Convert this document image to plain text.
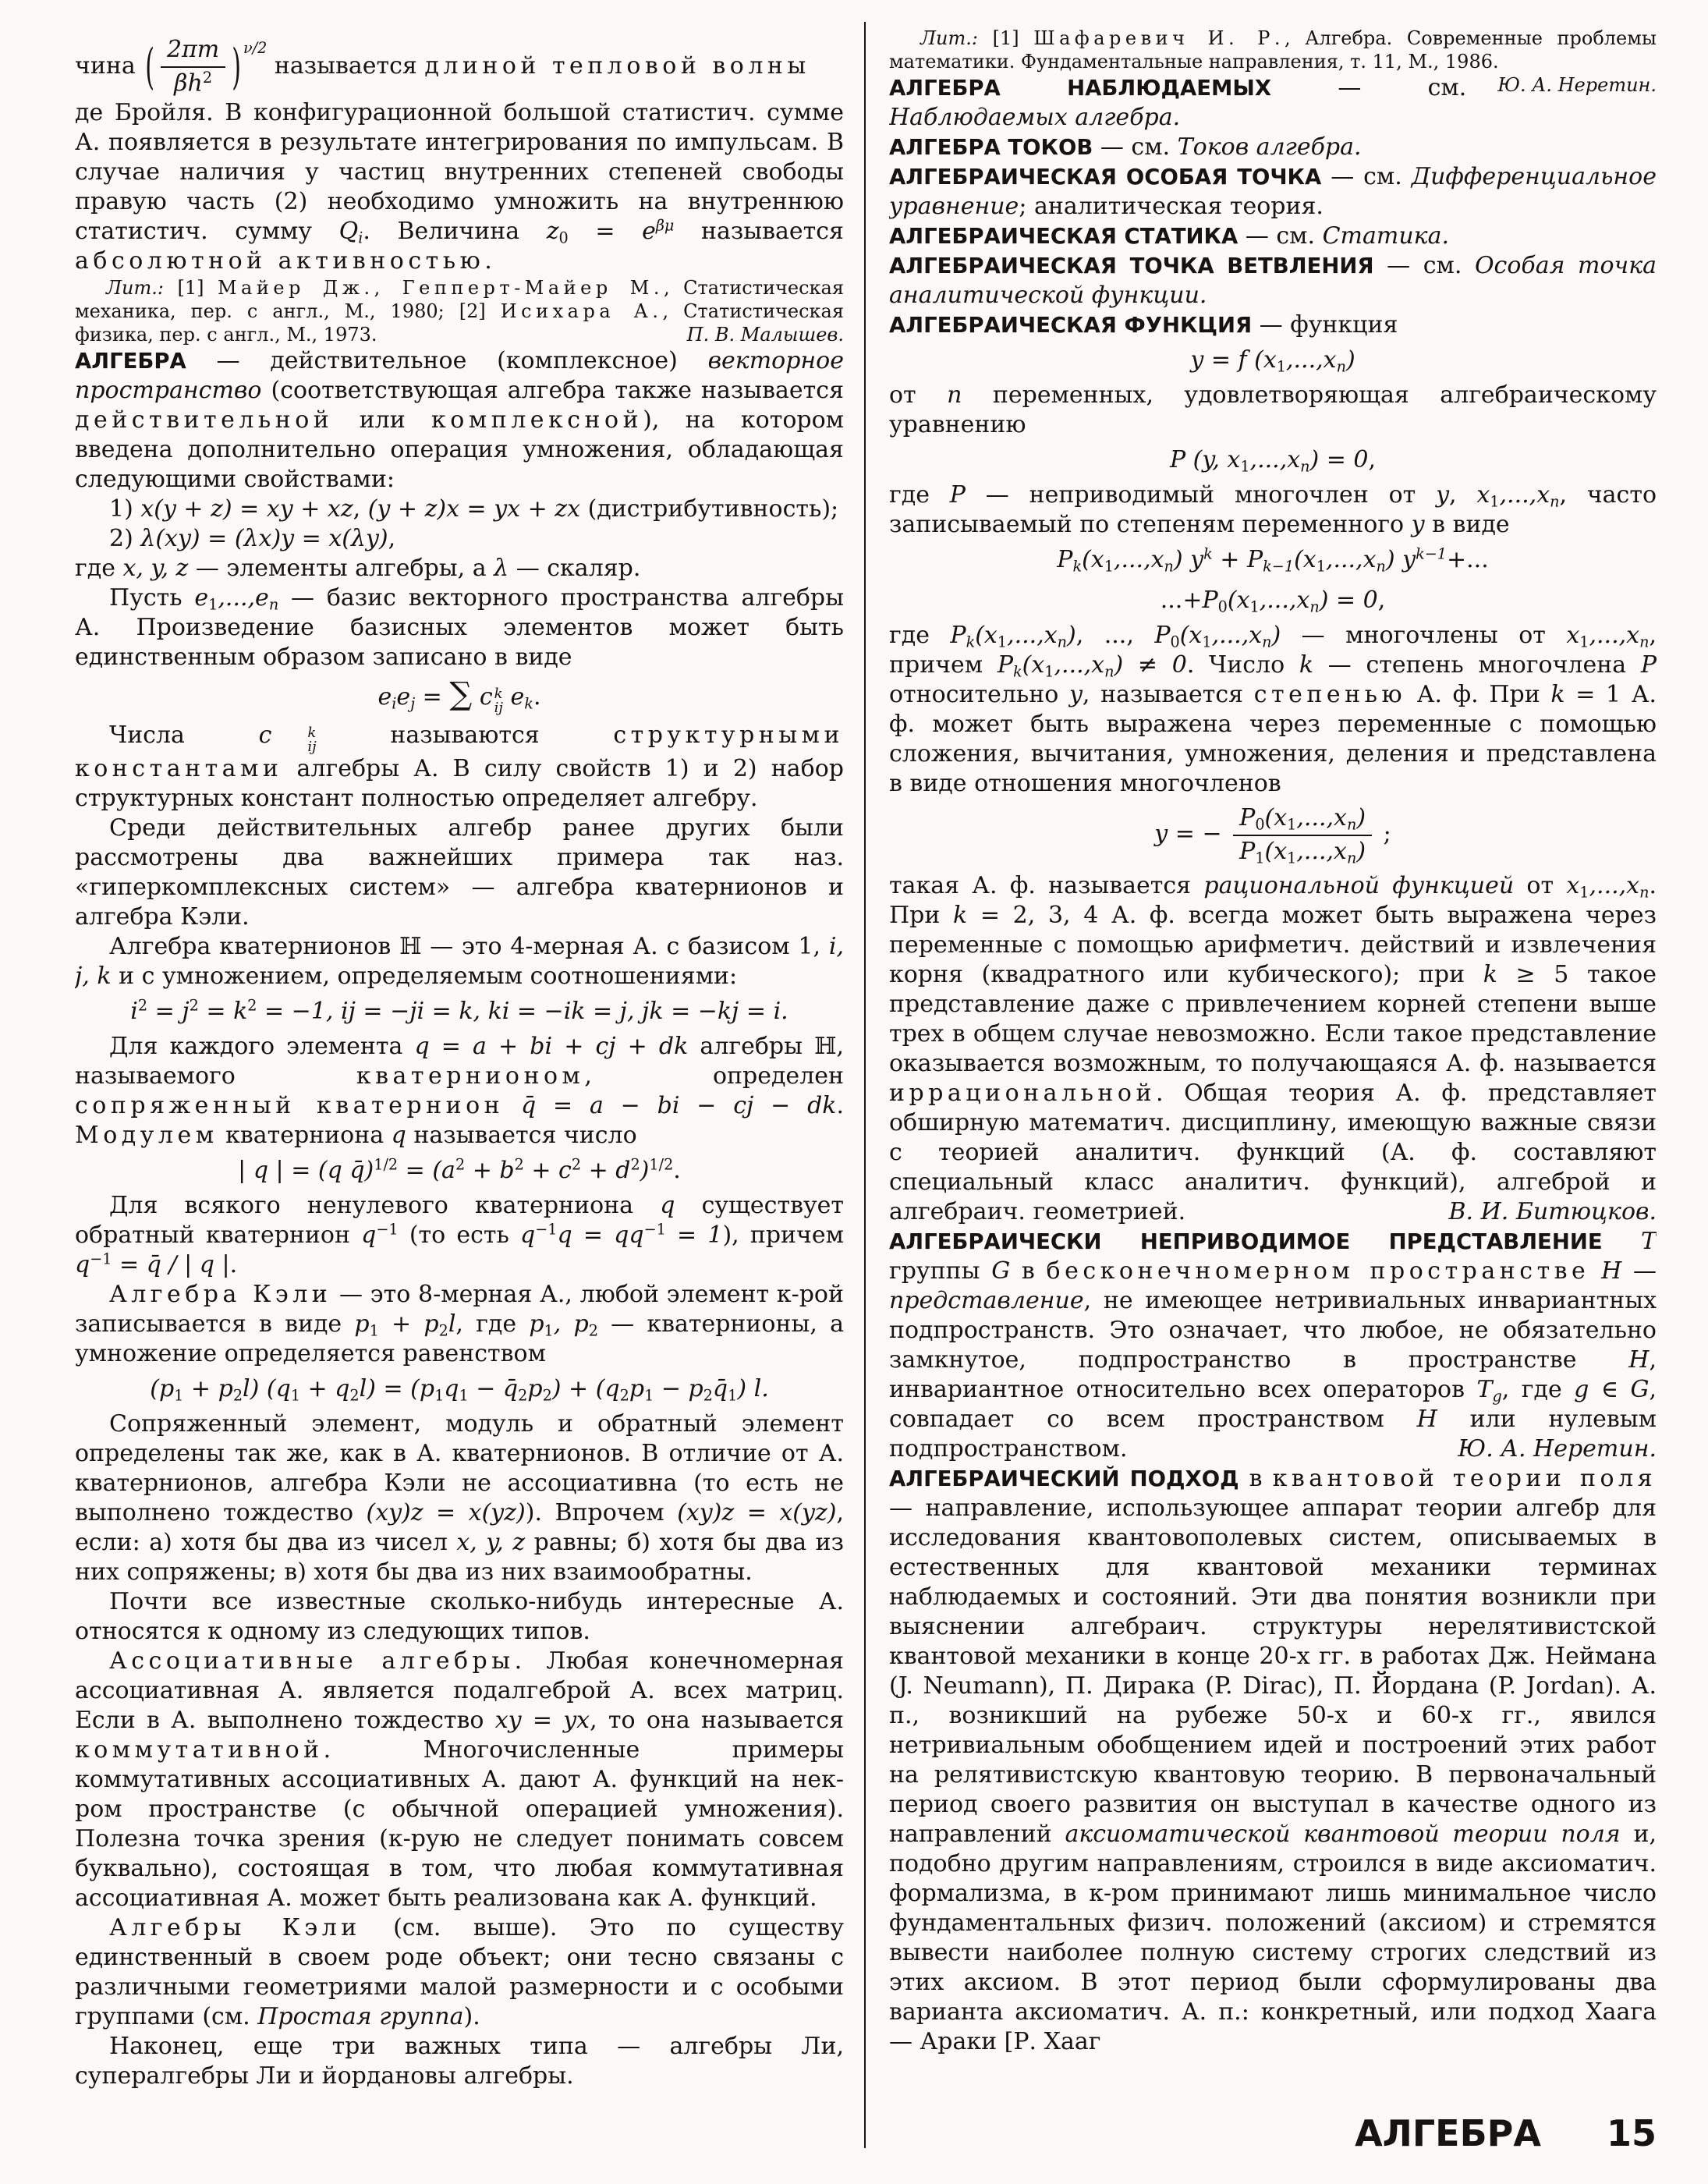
чина ( $\frac{2\pi m}{\beta h^2}$ ) $^{\nu/2}$ называется длиной тепловой волны

де Бройля. В конфигурационной большой статистич. сумме А. появляется в результате интегрирования по импульсам. В случае наличия у частиц внутренних степеней свободы правую часть (2) необходимо умножить на внутреннюю статистич. сумму Qi. Величина $z0 = e^{\beta\mu}$ называется абсолютной активностью.

Лит.: [1] Майер Дж., Гепперт-Майер М., Статистическая механика, пер. с англ., М., 1980; [2] Исихара А., Статистическая физика, пер. с англ., М., 1973.	П. В. Малышев.

АЛГЕБРА — действительное (комплексное) векторное пространство (соответствующая алгебра также называется действительной или комплексной), на котором введена дополнительно операция умножения, обладающая следующими свойствами:

1) x(y + z) = xy + xz, (y + z)x = yx + zx (дистрибутивность);

2) λ(xy) = (λx)y = x(λy),

где x, y, z — элементы алгебры, а λ — скаляр.

Пусть e1,...,en — базис векторного пространства алгебры А. Произведение базисных элементов может быть единственным образом записано в виде

eiej = ∑ c k
ij ek.

Числа c	k
ij называются структурными константами алгебры А. В силу свойств 1) и 2) набор структурных констант полностью определяет алгебру.

Среди действительных алгебр ранее других были рассмотрены два важнейших примера так наз. «гиперкомплексных систем» — алгебра кватернионов и алгебра Кэли.

Алгебра кватернионов ℍ — это 4-мерная А. с базисом 1, i, j, k и с умножением, определяемым соотношениями:

$i^2 = j^2 = k^2 = -1$, ij = −ji = k, ki = −ik = j, jk = −kj = i.

Для каждого элемента q = a + bi + cj + dk алгебры ℍ, называемого кватернионом, определен сопряженный кватернион q̄ = a − bi − cj − dk. Модулем кватерниона q называется число

| q | = (q q̄)$^{1/2}$ = $(a^2 + b^2 + c^2 + d^2)^{1/2}$.

Для всякого ненулевого кватерниона q существует обратный кватернион $q^{-1}$ (то есть $q^{-1}q = qq^{-1} = 1$), причем $q^{-1}$ = q̄ / | q |.

Алгебра Кэли — это 8-мерная А., любой элемент к-рой записывается в виде p1 + p2l, где p1, p2 — кватернионы, а умножение определяется равенством

(p1 + p2l) (q1 + q2l) = (p1q1 − q̄2p2) + (q2p1 − p2q̄1) l.

Сопряженный элемент, модуль и обратный элемент определены так же, как в А. кватернионов. В отличие от А. кватернионов, алгебра Кэли не ассоциативна (то есть не выполнено тождество (xy)z = x(yz)). Впрочем (xy)z = x(yz), если: а) хотя бы два из чисел x, y, z равны; б) хотя бы два из них сопряжены; в) хотя бы два из них взаимообратны.

Почти все известные сколько-нибудь интересные А. относятся к одному из следующих типов.

Ассоциативные алгебры. Любая конечномерная ассоциативная А. является подалгеброй А. всех матриц. Если в А. выполнено тождество xy = yx, то она называется коммутативной. Многочисленные примеры коммутативных ассоциативных А. дают А. функций на нек-ром пространстве (с обычной операцией умножения). Полезна точка зрения (к-рую не следует понимать совсем буквально), состоящая в том, что любая коммутативная ассоциативная А. может быть реализована как А. функций.

Алгебры Кэли (см. выше). Это по существу единственный в своем роде объект; они тесно связаны с различными геометриями малой размерности и с особыми группами (см. Простая группа).

Наконец, еще три важных типа — алгебры Ли, супералгебры Ли и йордановы алгебры.

Лит.: [1] Шафаревич И. Р., Алгебра. Современные проблемы математики. Фундаментальные направления, т. 11, М., 1986.
Ю. А. Неретин.

АЛГЕБРА НАБЛЮДАЕМЫХ — см. Наблюдаемых алгебра.

АЛГЕБРА ТОКОВ — см. Токов алгебра.

АЛГЕБРАИЧЕСКАЯ ОСОБАЯ ТОЧКА — см. Дифференциальное уравнение; аналитическая теория.

АЛГЕБРАИЧЕСКАЯ СТАТИКА — см. Статика.

АЛГЕБРАИЧЕСКАЯ ТОЧКА ВЕТВЛЕНИЯ — см. Особая точка аналитической функции.

АЛГЕБРАИЧЕСКАЯ ФУНКЦИЯ — функция

y = f (x1,...,xn)

от n переменных, удовлетворяющая алгебраическому уравнению

P (y, x1,...,xn) = 0,

где P — неприводимый многочлен от y, x1,...,xn, часто записываемый по степеням переменного y в виде

Pk(x1,...,xn) $y^k + Pk-1(x1,...,xn)$ $y^{k-1}+$...

...+P0(x1,...,xn) = 0,

где Pk(x1,...,xn), ..., P0(x1,...,xn) — многочлены от x1,...,xn, причем Pk(x1,...,xn) ≠ 0. Число k — степень многочлена P относительно y, называется степенью А. ф. При k = 1 А. ф. может быть выражена через переменные с помощью сложения, вычитания, умножения, деления и представлена в виде отношения многочленов

y = − $\frac{P0(x1,...,xn)}{P1(x1,...,xn)}$ ;

такая А. ф. называется рациональной функцией от x1,...,xn. При k = 2, 3, 4 А. ф. всегда может быть выражена через переменные с помощью арифметич. действий и извлечения корня (квадратного или кубического); при k ≥ 5 такое представление даже с привлечением корней степени выше трех в общем случае невозможно. Если такое представление оказывается возможным, то получающаяся А. ф. называется иррациональной. Общая теория А. ф. представляет обширную математич. дисциплину, имеющую важные связи с теорией аналитич. функций (А. ф. составляют специальный класс аналитич. функций), алгеброй и алгебраич. геометрией.	В. И. Битюцков.

АЛГЕБРАИЧЕСКИ НЕПРИВОДИМОЕ ПРЕДСТАВЛЕНИЕ T группы G в бесконечномерном пространстве H — представление, не имеющее нетривиальных инвариантных подпространств. Это означает, что любое, не обязательно замкнутое, подпространство в пространстве H, инвариантное относительно всех операторов Tg, где g ∈ G, совпадает со всем пространством H или нулевым подпространством.	Ю. А. Неретин.

АЛГЕБРАИЧЕСКИЙ ПОДХОД в квантовой теории поля — направление, использующее аппарат теории алгебр для исследования квантовополевых систем, описываемых в естественных для квантовой механики терминах наблюдаемых и состояний. Эти два понятия возникли при выяснении алгебраич. структуры нерелятивистской квантовой механики в конце 20-х гг. в работах Дж. Неймана (J. Neumann), П. Дирака (P. Dirac), П. Йордана (P. Jordan). А. п., возникший на рубеже 50-х и 60-х гг., явился нетривиальным обобщением идей и построений этих работ на релятивистскую квантовую теорию. В первоначальный период своего развития он выступал в качестве одного из направлений аксиоматической квантовой теории поля и, подобно другим направлениям, строился в виде аксиоматич. формализма, в к-ром принимают лишь минимальное число фундаментальных физич. положений (аксиом) и стремятся вывести наиболее полную систему строгих следствий из этих аксиом. В этот период были сформулированы два варианта аксиоматич. А. п.: конкретный, или подход Хаага — Араки [Р. Хааг

АЛГЕБРА 15
